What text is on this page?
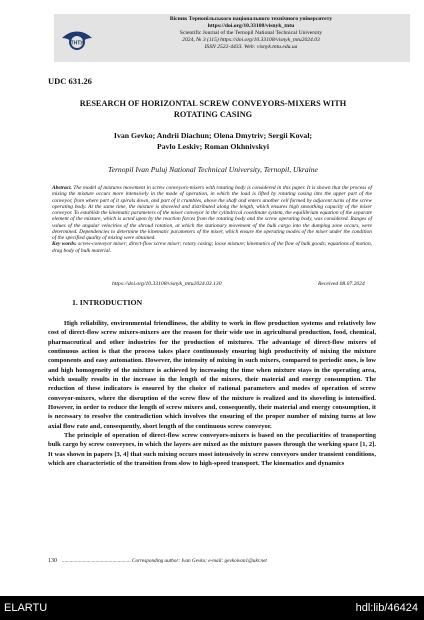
ТНТУ
Вісник Тернопільського національного технічного університету
https://doi.org/10.33108/visnyk_tntu
Scientific Journal of the Ternopil National Technical University
2024, № 3 (115) https://doi.org/10.33108/visnyk_tntu2024.03
ISSN 2522-4433. Web: visnyk.tntu.edu.ua
UDC 631.26
RESEARCH OF HORIZONTAL SCREW CONVEYORS-MIXERS WITH
ROTATING CASING
Ivan Gevko; Andrii Diachun; Olena Dmytriv; Sergii Koval;
Pavlo Leskiv; Roman Okhnivskyi
Ternopil Ivan Puluj National Technical University, Ternopil, Ukraine
Abstract. The model of mixtures movement in screw conveyors-mixers with rotating body is considered in this paper. It is shown that the process of mixing the mixture occurs more intensively in the mode of operation, in which the load is lifted by rotating casing into the upper part of the conveyor, from where part of it spirals down, and part of it crumbles, above the shaft and enters another cell formed by adjacent turns of the screw operating body. At the same time, the mixture is shoveled and distributed along the length, which ensures high smoothing capacity of the mixer conveyor. To establish the kinematic parameters of the mixer conveyor in the cylindrical coordinate system, the equilibrium equation of the separate element of the mixture, which is acted upon by the reaction forces from the rotating body and the screw operating body, was considered. Ranges of values of the angular velocities of the shroud rotation, at which the stationary movement of the bulk cargo into the dumping zone occurs, were determined. Dependencies to determine the kinematic parameters of the mixer, which ensure the operating modes of the mixer under the condition of the specified quality of mixing were obtained.
Key words: screw-conveyor mixer; direct-flow screw mixer; rotary casing; loose mixture; kinematics of the flow of bulk goods; equations of motion, drag body of bulk material.
https://doi.org/10.33108/visnyk_tntu2024.03.130	Received 08.07.2024
1. INTRODUCTION
High reliability, environmental friendliness, the ability to work in flow production systems and relatively low cost of direct-flow screw mixers-mixers are the reason for their wide use in agricultural production, food, chemical, pharmaceutical and other industries for the production of mixtures. The advantage of direct-flow mixers of continuous action is that the process takes place continuously ensuring high productivity of mixing the mixture components and easy automation. However, the intensity of mixing in such mixers, compared to periodic ones, is low and high homogeneity of the mixture is achieved by increasing the time when mixture stays in the operating area, which usually results in the increase in the length of the mixers, their material and energy consumption. The reduction of these indicators is ensured by the choice of rational parameters and modes of operation of screw conveyor-mixers, where the disruption of the screw flow of the mixture is realized and its shoveling is intensified. However, in order to reduce the length of screw mixers and, consequently, their material and energy consumption, it is necessary to resolve the contradiction which involves the ensuring of the proper number of mixing turns at low axial flow rate and, consequently, short length of the continuous screw conveyor.
The principle of operation of direct-flow screw conveyors-mixers is based on the peculiarities of transporting bulk cargo by screw conveyors, in which the layers are mixed as the mixture passes through the working space [1, 2]. It was shown in papers [3, 4] that such mixing occurs most intensively in screw conveyors under transient conditions, which are characteristic of the transition from slow to high-speed transport. The kinematics and dynamics
130 ..................................................... Corresponding author: Ivan Gevko; e-mail: gevkoivan1@ukr.net
ELARTU	hdl:lib/46424
